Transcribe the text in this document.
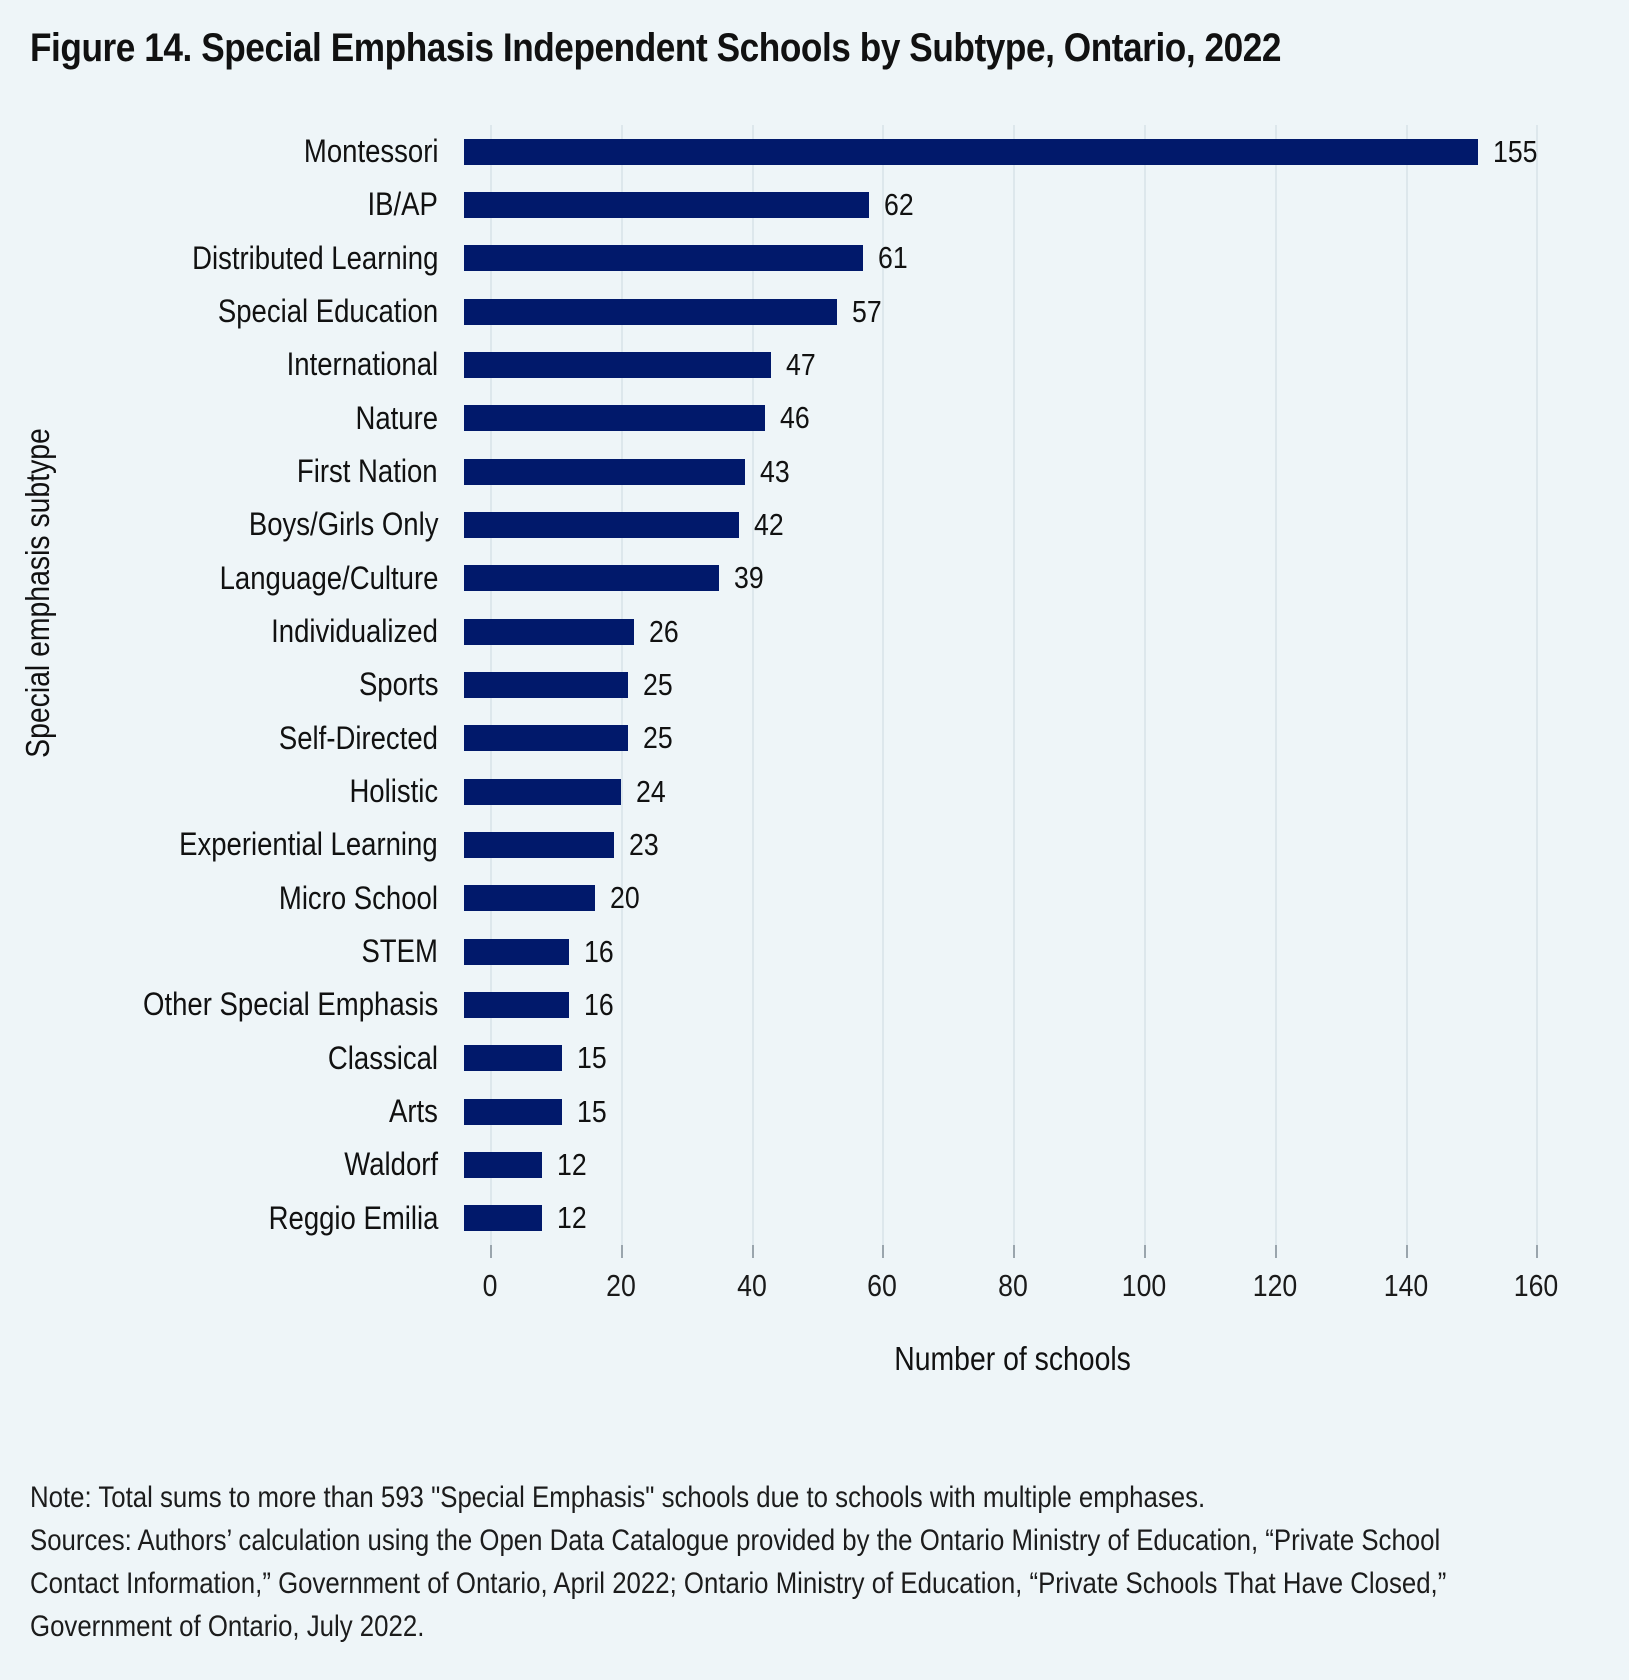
Figure 14. Special Emphasis Independent Schools by Subtype, Ontario, 2022
Special emphasis subtype
0	20	40	60	80	100	120	140	160
Montessori	155
IB/AP	62
Distributed Learning	61
Special Education	57
International	47
Nature	46
First Nation	43
Boys/Girls Only	42
Language/Culture	39
Individualized	26
Sports	25
Self-Directed	25
Holistic	24
Experiential Learning	23
Micro School	20
STEM	16
Other Special Emphasis	16
Classical	15
Arts	15
Waldorf	12
Reggio Emilia	12
Number of schools
Note: Total sums to more than 593 "Special Emphasis" schools due to schools with multiple emphases.
Sources: Authors’ calculation using the Open Data Catalogue provided by the Ontario Ministry of Education, “Private School
Contact Information,” Government of Ontario, April 2022; Ontario Ministry of Education, “Private Schools That Have Closed,”
Government of Ontario, July 2022.
